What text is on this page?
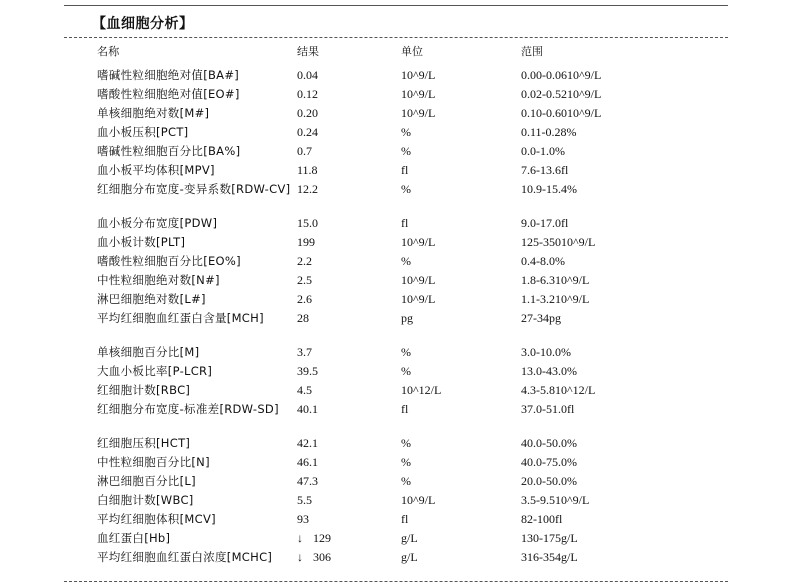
【血细胞分析】
名称	结果	单位	范围
嗜碱性粒细胞绝对值[BA#]	0.04	10^9/L	0.00-0.0610^9/L
嗜酸性粒细胞绝对值[EO#]	0.12	10^9/L	0.02-0.5210^9/L
单核细胞绝对数[M#]	0.20	10^9/L	0.10-0.6010^9/L
血小板压积[PCT]	0.24	%	0.11-0.28%
嗜碱性粒细胞百分比[BA%]	0.7	%	0.0-1.0%
血小板平均体积[MPV]	11.8	fl	7.6-13.6fl
红细胞分布宽度-变异系数[RDW-CV] 12.2	%	10.9-15.4%
血小板分布宽度[PDW]	15.0	fl	9.0-17.0fl
血小板计数[PLT]	199	10^9/L	125-35010^9/L
嗜酸性粒细胞百分比[EO%]	2.2	%	0.4-8.0%
中性粒细胞绝对数[N#]	2.5	10^9/L	1.8-6.310^9/L
淋巴细胞绝对数[L#]	2.6	10^9/L	1.1-3.210^9/L
平均红细胞血红蛋白含量[MCH]	28	pg	27-34pg
单核细胞百分比[M]	3.7	%	3.0-10.0%
大血小板比率[P-LCR]	39.5	%	13.0-43.0%
红细胞计数[RBC]	4.5	10^12/L	4.3-5.810^12/L
红细胞分布宽度-标准差[RDW-SD]	40.1	fl	37.0-51.0fl
红细胞压积[HCT]	42.1	%	40.0-50.0%
中性粒细胞百分比[N]	46.1	%	40.0-75.0%
淋巴细胞百分比[L]	47.3	%	20.0-50.0%
白细胞计数[WBC]	5.5	10^9/L	3.5-9.510^9/L
平均红细胞体积[MCV]	93	fl	82-100fl
血红蛋白[Hb]	↓ 129	g/L	130-175g/L
平均红细胞血红蛋白浓度[MCHC]	↓ 306	g/L	316-354g/L
